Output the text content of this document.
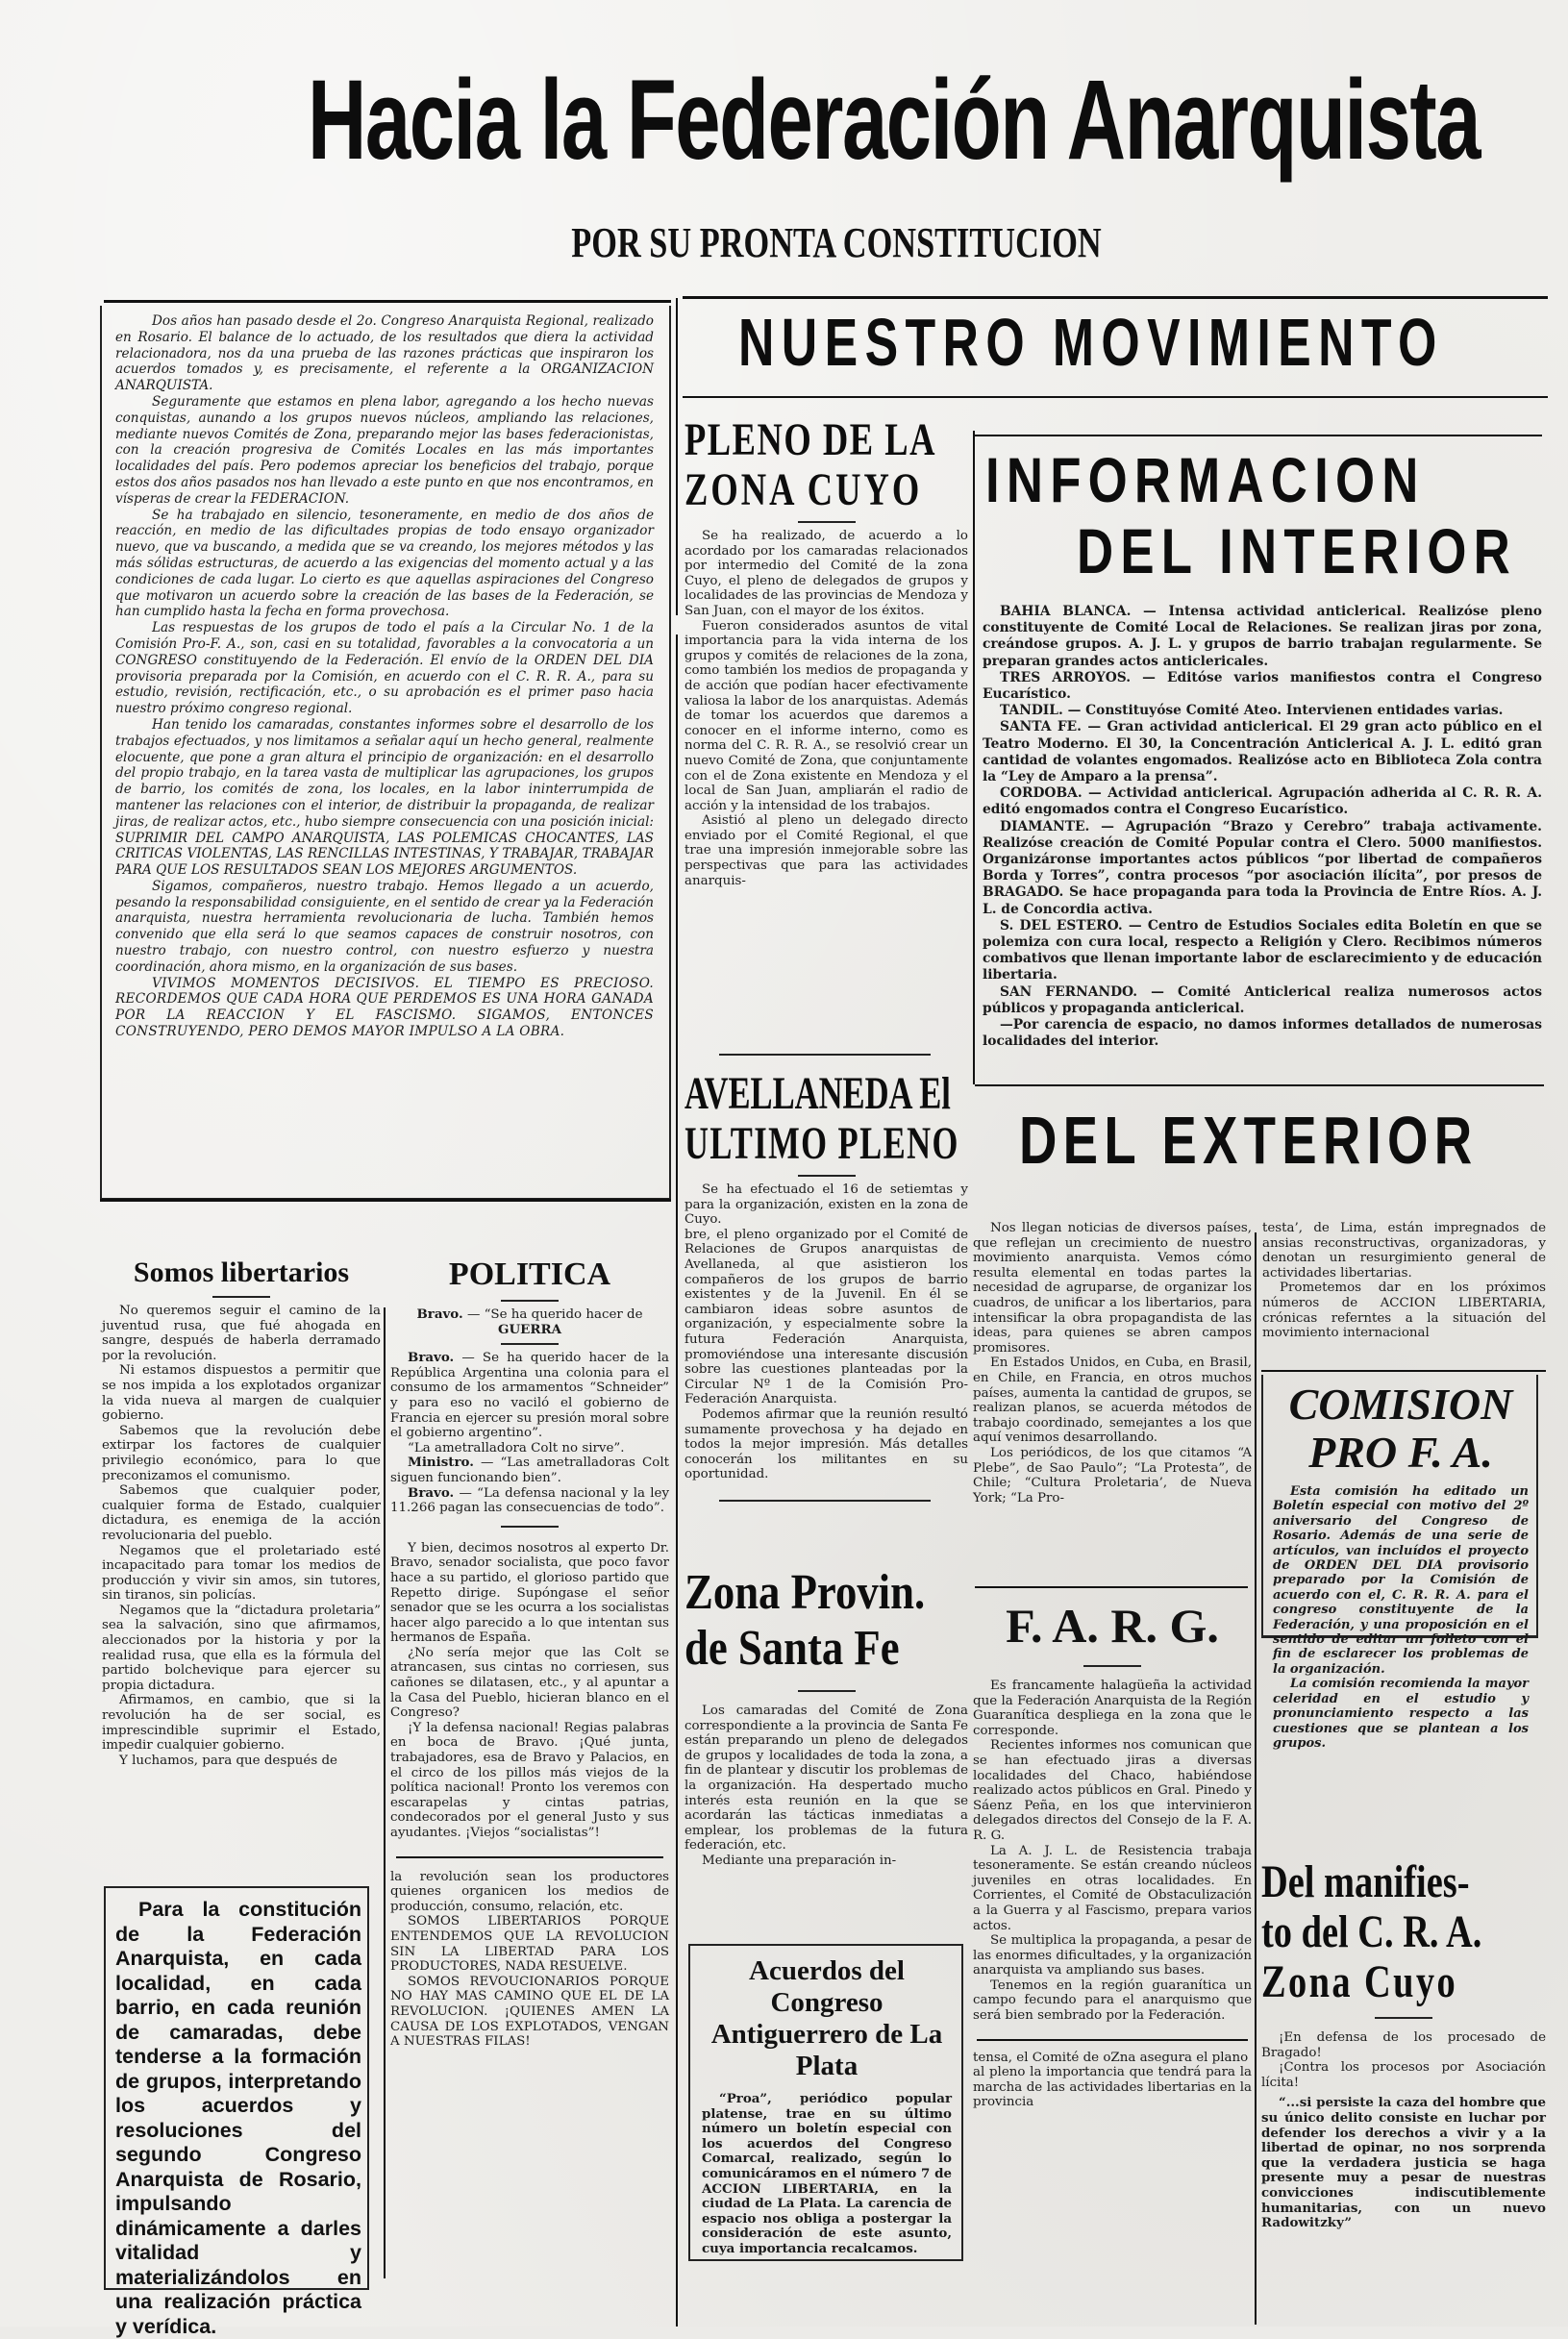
Hacia la Federación Anarquista
POR SU PRONTA CONSTITUCION

Dos años han pasado desde el 2o. Congreso Anarquista Regional, realizado en Rosario. El balance de lo actuado, de los resultados que diera la actividad relacionadora, nos da una prueba de las razones prácticas que inspiraron los acuerdos tomados y, es precisamente, el referente a la ORGANIZACION ANARQUISTA.

Seguramente que estamos en plena labor, agregando a los hecho nuevas conquistas, aunando a los grupos nuevos núcleos, ampliando las relaciones, mediante nuevos Comités de Zona, preparando mejor las bases federacionistas, con la creación progresiva de Comités Locales en las más importantes localidades del país. Pero podemos apreciar los beneficios del trabajo, porque estos dos años pasados nos han llevado a este punto en que nos encontramos, en vísperas de crear la FEDERACION.

Se ha trabajado en silencio, tesoneramente, en medio de dos años de reacción, en medio de las dificultades propias de todo ensayo organizador nuevo, que va buscando, a medida que se va creando, los mejores métodos y las más sólidas estructuras, de acuerdo a las exigencias del momento actual y a las condiciones de cada lugar. Lo cierto es que aquellas aspiraciones del Congreso que motivaron un acuerdo sobre la creación de las bases de la Federación, se han cumplido hasta la fecha en forma provechosa.

Las respuestas de los grupos de todo el país a la Circular No. 1 de la Comisión Pro-F. A., son, casi en su totalidad, favorables a la convocatoria a un CONGRESO constituyendo de la Federación. El envío de la ORDEN DEL DIA provisoria preparada por la Comisión, en acuerdo con el C. R. R. A., para su estudio, revisión, rectificación, etc., o su aprobación es el primer paso hacia nuestro próximo congreso regional.

Han tenido los camaradas, constantes informes sobre el desarrollo de los trabajos efectuados, y nos limitamos a señalar aquí un hecho general, realmente elocuente, que pone a gran altura el principio de organización: en el desarrollo del propio trabajo, en la tarea vasta de multiplicar las agrupaciones, los grupos de barrio, los comités de zona, los locales, en la labor ininterrumpida de mantener las relaciones con el interior, de distribuir la propaganda, de realizar jiras, de realizar actos, etc., hubo siempre consecuencia con una posición inicial: SUPRIMIR DEL CAMPO ANARQUISTA, LAS POLEMICAS CHOCANTES, LAS CRITICAS VIOLENTAS, LAS RENCILLAS INTESTINAS, Y TRABAJAR, TRABAJAR PARA QUE LOS RESULTADOS SEAN LOS MEJORES ARGUMENTOS.

Sigamos, compañeros, nuestro trabajo. Hemos llegado a un acuerdo, pesando la responsabilidad consiguiente, en el sentido de crear ya la Federación anarquista, nuestra herramienta revolucionaria de lucha. También hemos convenido que ella será lo que seamos capaces de construir nosotros, con nuestro trabajo, con nuestro control, con nuestro esfuerzo y nuestra coordinación, ahora mismo, en la organización de sus bases.

VIVIMOS MOMENTOS DECISIVOS. EL TIEMPO ES PRECIOSO. RECORDEMOS QUE CADA HORA QUE PERDEMOS ES UNA HORA GANADA POR LA REACCION Y EL FASCISMO. SIGAMOS, ENTONCES CONSTRUYENDO, PERO DEMOS MAYOR IMPULSO A LA OBRA.

NUESTRO MOVIMIENTO
PLENO DE LA
ZONA CUYO

Se ha realizado, de acuerdo a lo acordado por los camaradas relacionados por intermedio del Comité de la zona Cuyo, el pleno de delegados de grupos y localidades de las provincias de Mendoza y San Juan, con el mayor de los éxitos.

Fueron considerados asuntos de vital importancia para la vida interna de los grupos y comités de relaciones de la zona, como también los medios de propaganda y de acción que podían hacer efectivamente valiosa la labor de los anarquistas. Además de tomar los acuerdos que daremos a conocer en el informe interno, como es norma del C. R. R. A., se resolvió crear un nuevo Comité de Zona, que conjuntamente con el de Zona existente en Mendoza y el local de San Juan, ampliarán el radio de acción y la intensidad de los trabajos.

Asistió al pleno un delegado directo enviado por el Comité Regional, el que trae una impresión inmejorable sobre las perspectivas que para las actividades anarquis-

INFORMACION
DEL INTERIOR

BAHIA BLANCA. — Intensa actividad anticlerical. Realizóse pleno constituyente de Comité Local de Relaciones. Se realizan jiras por zona, creándose grupos. A. J. L. y grupos de barrio trabajan regularmente. Se preparan grandes actos anticlericales.

TRES ARROYOS. — Editóse varios manifiestos contra el Congreso Eucarístico.

TANDIL. — Constituyóse Comité Ateo. Intervienen entidades varias.

SANTA FE. — Gran actividad anticlerical. El 29 gran acto público en el Teatro Moderno. El 30, la Concentración Anticlerical A. J. L. editó gran cantidad de volantes engomados. Realizóse acto en Biblioteca Zola contra la “Ley de Amparo a la prensa”.

CORDOBA. — Actividad anticlerical. Agrupación adherida al C. R. R. A. editó engomados contra el Congreso Eucarístico.

DIAMANTE. — Agrupación “Brazo y Cerebro” trabaja activamente. Realizóse creación de Comité Popular contra el Clero. 5000 manifiestos. Organizáronse importantes actos públicos “por libertad de compañeros Borda y Torres”, contra procesos “por asociación ilícita”, por presos de BRAGADO. Se hace propaganda para toda la Provincia de Entre Ríos. A. J. L. de Concordia activa.

S. DEL ESTERO. — Centro de Estudios Sociales edita Boletín en que se polemiza con cura local, respecto a Religión y Clero. Recibimos números combativos que llenan importante labor de esclarecimiento y de educación libertaria.

SAN FERNANDO. — Comité Anticlerical realiza numerosos actos públicos y propaganda anticlerical.

—Por carencia de espacio, no damos informes detallados de numerosas localidades del interior.

AVELLANEDA El
ULTIMO PLENO

Se ha efectuado el 16 de setiemtas y para la organización, existen en la zona de Cuyo.

bre, el pleno organizado por el Comité de Relaciones de Grupos anarquistas de Avellaneda, al que asistieron los compañeros de los grupos de barrio existentes y de la Juvenil. En él se cambiaron ideas sobre asuntos de organización, y especialmente sobre la futura Federación Anarquista, promoviéndose una interesante discusión sobre las cuestiones planteadas por la Circular Nº 1 de la Comisión Pro-Federación Anarquista.

Podemos afirmar que la reunión resultó sumamente provechosa y ha dejado en todos la mejor impresión. Más detalles conocerán los militantes en su oportunidad.

DEL EXTERIOR

Nos llegan noticias de diversos países, que reflejan un crecimiento de nuestro movimiento anarquista. Vemos cómo resulta elemental en todas partes la necesidad de agruparse, de organizar los cuadros, de unificar a los libertarios, para intensificar la obra propagandista de las ideas, para quienes se abren campos promisores.

En Estados Unidos, en Cuba, en Brasil, en Chile, en Francia, en otros muchos países, aumenta la cantidad de grupos, se realizan planos, se acuerda métodos de trabajo coordinado, semejantes a los que aquí venimos desarrollando.

Los periódicos, de los que citamos “A Plebe”, de Sao Paulo”; “La Protesta”, de Chile; “Cultura Proletaria’, de Nueva York; “La Pro-

testa’, de Lima, están impregnados de ansias reconstructivas, organizadoras, y denotan un resurgimiento general de actividades libertarias.

Prometemos dar en los próximos números de ACCION LIBERTARIA, crónicas referntes a la situación del movimiento internacional

Somos libertarios

No queremos seguir el camino de la juventud rusa, que fué ahogada en sangre, después de haberla derramado por la revolución.

Ni estamos dispuestos a permitir que se nos impida a los explotados organizar la vida nueva al margen de cualquier gobierno.

Sabemos que la revolución debe extirpar los factores de cualquier privilegio económico, para lo que preconizamos el comunismo.

Sabemos que cualquier poder, cualquier forma de Estado, cualquier dictadura, es enemiga de la acción revolucionaria del pueblo.

Negamos que el proletariado esté incapacitado para tomar los medios de producción y vivir sin amos, sin tutores, sin tiranos, sin policías.

Negamos que la “dictadura proletaria” sea la salvación, sino que afirmamos, aleccionados por la historia y por la realidad rusa, que ella es la fórmula del partido bolchevique para ejercer su propia dictadura.

Afirmamos, en cambio, que si la revolución ha de ser social, es imprescindible suprimir el Estado, impedir cualquier gobierno.

Y luchamos, para que después de

Para la constitución de la Federación Anarquista, en cada localidad, en cada barrio, en cada reunión de camaradas, debe tenderse a la formación de grupos, interpretando los acuerdos y resoluciones del segundo Congreso Anarquista de Rosario, impulsando dinámicamente a darles vitalidad y materializándolos en una realización práctica y verídica.
POLITICA
Bravo. — “Se ha querido hacer de
GUERRA

Bravo. — Se ha querido hacer de la República Argentina una colonia para el consumo de los armamentos “Schneider” y para eso no vaciló el gobierno de Francia en ejercer su presión moral sobre el gobierno argentino”.

“La ametralladora Colt no sirve”.

Ministro. — “Las ametralladoras Colt siguen funcionando bien”.

Bravo. — “La defensa nacional y la ley 11.266 pagan las consecuencias de todo”.

Y bien, decimos nosotros al experto Dr. Bravo, senador socialista, que poco favor hace a su partido, el glorioso partido que Repetto dirige. Supóngase el señor senador que se les ocurra a los socialistas hacer algo parecido a lo que intentan sus hermanos de España.

¿No sería mejor que las Colt se atrancasen, sus cintas no corriesen, sus cañones se dilatasen, etc., y al apuntar a la Casa del Pueblo, hicieran blanco en el Congreso?

¡Y la defensa nacional! Regias palabras en boca de Bravo. ¡Qué junta, trabajadores, esa de Bravo y Palacios, en el circo de los pillos más viejos de la política nacional! Pronto los veremos con escarapelas y cintas patrias, condecorados por el general Justo y sus ayudantes. ¡Viejos “socialistas”!

la revolución sean los productores quienes organicen los medios de producción, consumo, relación, etc.

SOMOS LIBERTARIOS PORQUE ENTENDEMOS QUE LA REVOLUCION SIN LA LIBERTAD PARA LOS PRODUCTORES, NADA RESUELVE.

SOMOS REVOUCIONARIOS PORQUE NO HAY MAS CAMINO QUE EL DE LA REVOLUCION. ¡QUIENES AMEN LA CAUSA DE LOS EXPLOTADOS, VENGAN A NUESTRAS FILAS!

Zona Provin.
de Santa Fe

Los camaradas del Comité de Zona correspondiente a la provincia de Santa Fe están preparando un pleno de delegados de grupos y localidades de toda la zona, a fin de plantear y discutir los problemas de la organización. Ha despertado mucho interés esta reunión en la que se acordarán las tácticas inmediatas a emplear, los problemas de la futura federación, etc.

Mediante una preparación in-

Acuerdos del Congreso Antiguerrero de La Plata
“Proa”, periódico popular platense, trae en su último número un boletín especial con los acuerdos del Congreso Comarcal, realizado, según lo comunicáramos en el número 7 de ACCION LIBERTARIA, en la ciudad de La Plata. La carencia de espacio nos obliga a postergar la consideración de este asunto, cuya importancia recalcamos.
F. A. R. G.

Es francamente halagüeña la actividad que la Federación Anarquista de la Región Guaranítica despliega en la zona que le corresponde.

Recientes informes nos comunican que se han efectuado jiras a diversas localidades del Chaco, habiéndose realizado actos públicos en Gral. Pinedo y Sáenz Peña, en los que intervinieron delegados directos del Consejo de la F. A. R. G.

La A. J. L. de Resistencia trabaja tesoneramente. Se están creando núcleos juveniles en otras localidades. En Corrientes, el Comité de Obstaculización a la Guerra y al Fascismo, prepara varios actos.

Se multiplica la propaganda, a pesar de las enormes dificultades, y la organización anarquista va ampliando sus bases.

Tenemos en la región guaranítica un campo fecundo para el anarquismo que será bien sembrado por la Federación.

tensa, el Comité de oZna asegura el plano

al pleno la importancia que tendrá para la marcha de las actividades libertarias en la provincia

COMISION
PRO F. A.

Esta comisión ha editado un Boletín especial con motivo del 2º aniversario del Congreso de Rosario. Además de una serie de artículos, van incluídos el proyecto de ORDEN DEL DIA provisorio preparado por la Comisión de acuerdo con el, C. R. R. A. para el congreso constituyente de la Federación, y una proposición en el sentido de editar un folleto con el fin de esclarecer los problemas de la organización.

La comisión recomienda la mayor celeridad en el estudio y pronunciamiento respecto a las cuestiones que se plantean a los grupos.

Del manifies-
to del C. R. A.
Zona Cuyo

¡En defensa de los procesado de Bragado!

¡Contra los procesos por Asociación lícita!

“...si persiste la caza del hombre que su único delito consiste en luchar por defender los derechos a vivir y a la libertad de opinar, no nos sorprenda que la verdadera justicia se haga presente muy a pesar de nuestras convicciones indiscutiblemente humanitarias, con un nuevo Radowitzky”
